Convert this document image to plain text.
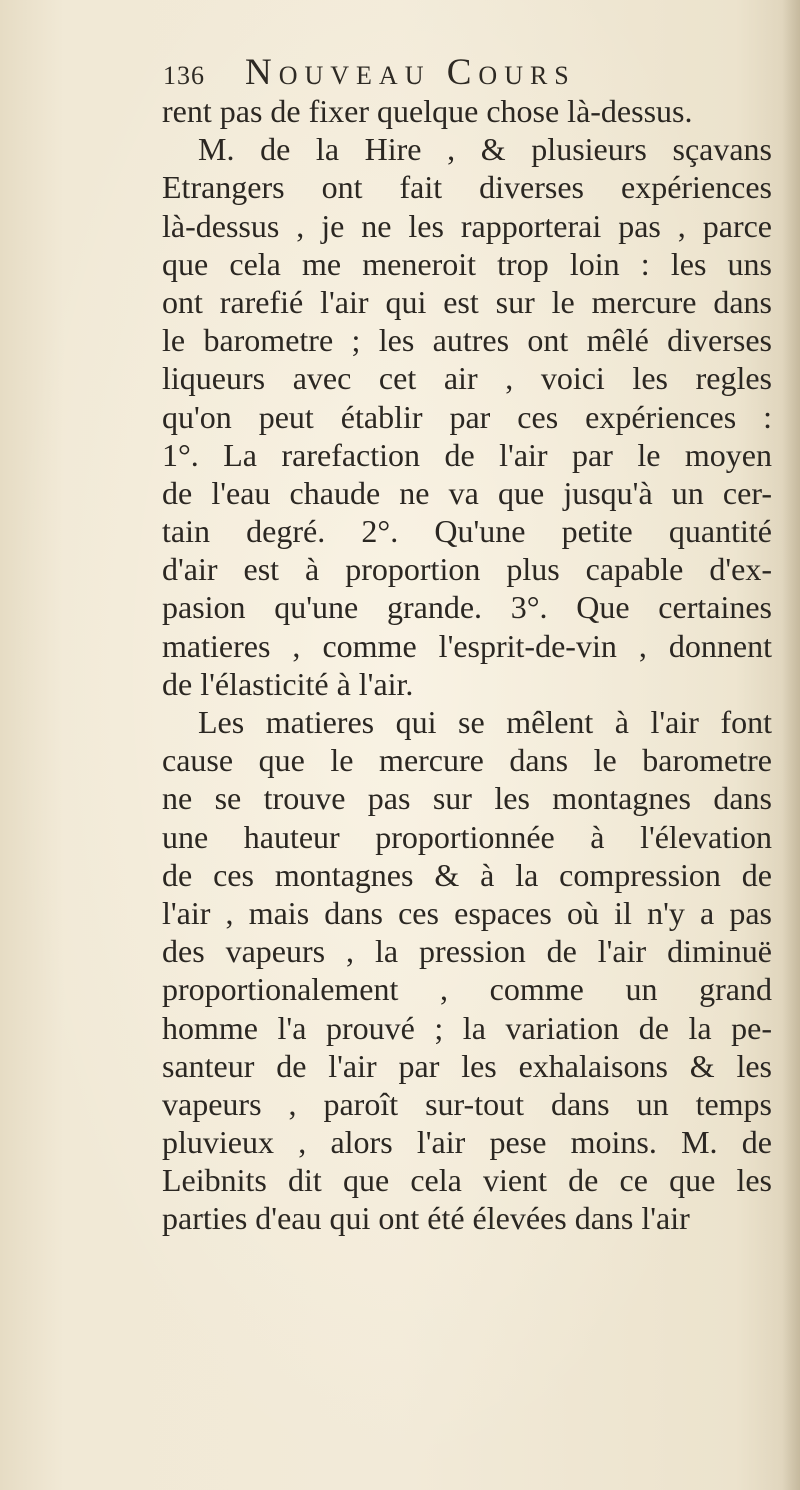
136 Nouveau Cours
rent pas de fixer quelque chose là-dessus.
M. de la Hire , & plusieurs sçavans
Etrangers ont fait diverses expériences
là-dessus , je ne les rapporterai pas , parce
que cela me meneroit trop loin : les uns
ont rarefié l'air qui est sur le mercure dans
le barometre ; les autres ont mêlé diverses
liqueurs avec cet air , voici les regles
qu'on peut établir par ces expériences :
1°. La rarefaction de l'air par le moyen
de l'eau chaude ne va que jusqu'à un cer-
tain degré. 2°. Qu'une petite quantité
d'air est à proportion plus capable d'ex-
pasion qu'une grande. 3°. Que certaines
matieres , comme l'esprit-de-vin , donnent
de l'élasticité à l'air.
Les matieres qui se mêlent à l'air font
cause que le mercure dans le barometre
ne se trouve pas sur les montagnes dans
une hauteur proportionnée à l'élevation
de ces montagnes & à la compression de
l'air , mais dans ces espaces où il n'y a pas
des vapeurs , la pression de l'air diminuë
proportionalement , comme un grand
homme l'a prouvé ; la variation de la pe-
santeur de l'air par les exhalaisons & les
vapeurs , paroît sur-tout dans un temps
pluvieux , alors l'air pese moins. M. de
Leibnits dit que cela vient de ce que les
parties d'eau qui ont été élevées dans l'air
